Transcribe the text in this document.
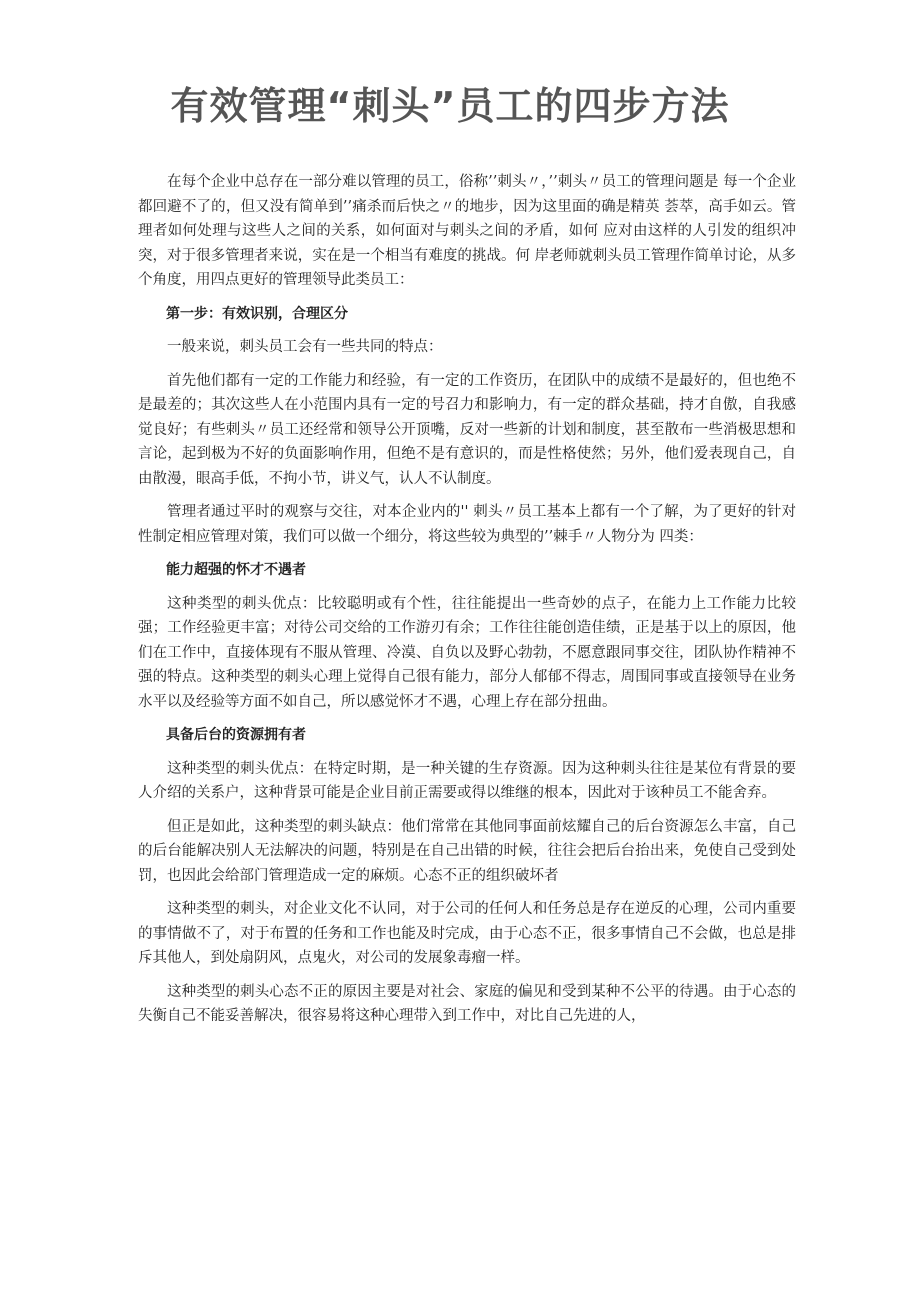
有效管理“刺头”员工的四步方法

在每个企业中总存在一部分难以管理的员工，俗称’’刺头〃，’’刺头〃员工的管理问题是 每一个企业都回避不了的，但又没有简单到’’痛杀而后快之〃的地步，因为这里面的确是精英 荟萃，高手如云。管理者如何处理与这些人之间的关系，如何面对与刺头之间的矛盾，如何 应对由这样的人引发的组织冲突，对于很多管理者来说，实在是一个相当有难度的挑战。何 岸老师就刺头员工管理作简单讨论，从多个角度，用四点更好的管理领导此类员工：

第一步：有效识别，合理区分

一般来说，刺头员工会有一些共同的特点：

首先他们都有一定的工作能力和经验，有一定的工作资历，在团队中的成绩不是最好的，但也绝不是最差的；其次这些人在小范围内具有一定的号召力和影响力，有一定的群众基础，持才自傲，自我感觉良好；有些刺头〃员工还经常和领导公开顶嘴，反对一些新的计划和制度，甚至散布一些消极思想和言论，起到极为不好的负面影响作用，但绝不是有意识的，而是性格使然；另外，他们爱表现自己，自由散漫，眼高手低，不拘小节，讲义气，认人不认制度。

管理者通过平时的观察与交往，对本企业内的'' 刺头〃员工基本上都有一个了解，为了更好的针对性制定相应管理对策，我们可以做一个细分，将这些较为典型的’’棘手〃人物分为 四类：

能力超强的怀才不遇者

这种类型的刺头优点：比较聪明或有个性，往往能提出一些奇妙的点子，在能力上工作能力比较强；工作经验更丰富；对待公司交给的工作游刃有余；工作往往能创造佳绩，正是基于以上的原因，他们在工作中，直接体现有不服从管理、冷漠、自负以及野心勃勃，不愿意跟同事交往，团队协作精神不强的特点。这种类型的刺头心理上觉得自己很有能力，部分人郁郁不得志，周围同事或直接领导在业务水平以及经验等方面不如自己，所以感觉怀才不遇，心理上存在部分扭曲。

具备后台的资源拥有者

这种类型的刺头优点：在特定时期，是一种关键的生存资源。因为这种刺头往往是某位有背景的要人介绍的关系户，这种背景可能是企业目前正需要或得以维继的根本，因此对于该种员工不能舍弃。

但正是如此，这种类型的刺头缺点：他们常常在其他同事面前炫耀自己的后台资源怎么丰富，自己的后台能解决别人无法解决的问题，特别是在自己出错的时候，往往会把后台抬出来，免使自己受到处罚，也因此会给部门管理造成一定的麻烦。心态不正的组织破坏者

这种类型的刺头，对企业文化不认同，对于公司的任何人和任务总是存在逆反的心理，公司内重要的事情做不了，对于布置的任务和工作也能及时完成，由于心态不正，很多事情自己不会做，也总是排斥其他人，到处扇阴风，点鬼火，对公司的发展象毒瘤一样。

这种类型的刺头心态不正的原因主要是对社会、家庭的偏见和受到某种不公平的待遇。由于心态的失衡自己不能妥善解决，很容易将这种心理带入到工作中，对比自己先进的人，
